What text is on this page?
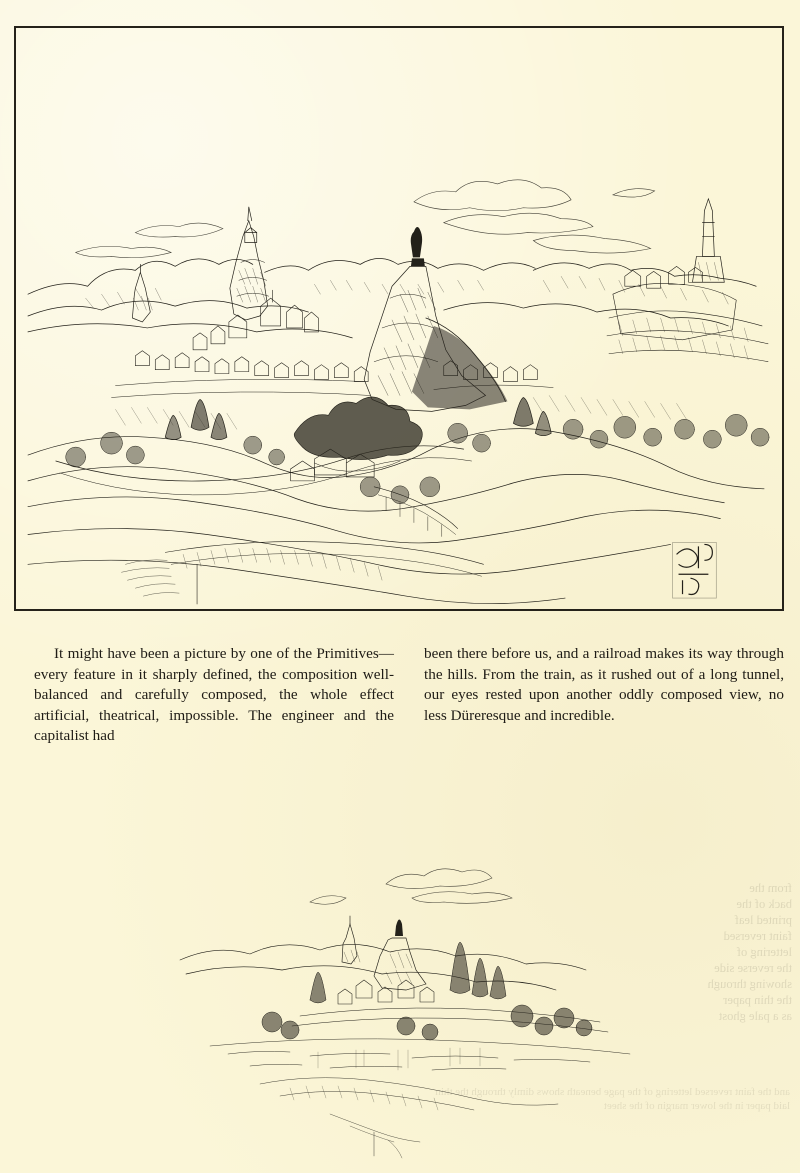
It might have been a picture by one of the Primitives—every feature in it sharply defined, the composition well-balanced and carefully composed, the whole effect artificial, theatrical, impossible. The engineer and the capitalist had

been there before us, and a railroad makes its way through the hills. From the train, as it rushed out of a long tunnel, our eyes rested upon another oddly composed view, no less Düreresque and incredible.

from the
back of the
printed leaf
faint reversed
lettering of
the reverse side
showing through
the thin paper
as a pale ghost
and the faint reversed lettering of the page beneath shows dimly through the thin laid paper in the lower margin of the sheet
